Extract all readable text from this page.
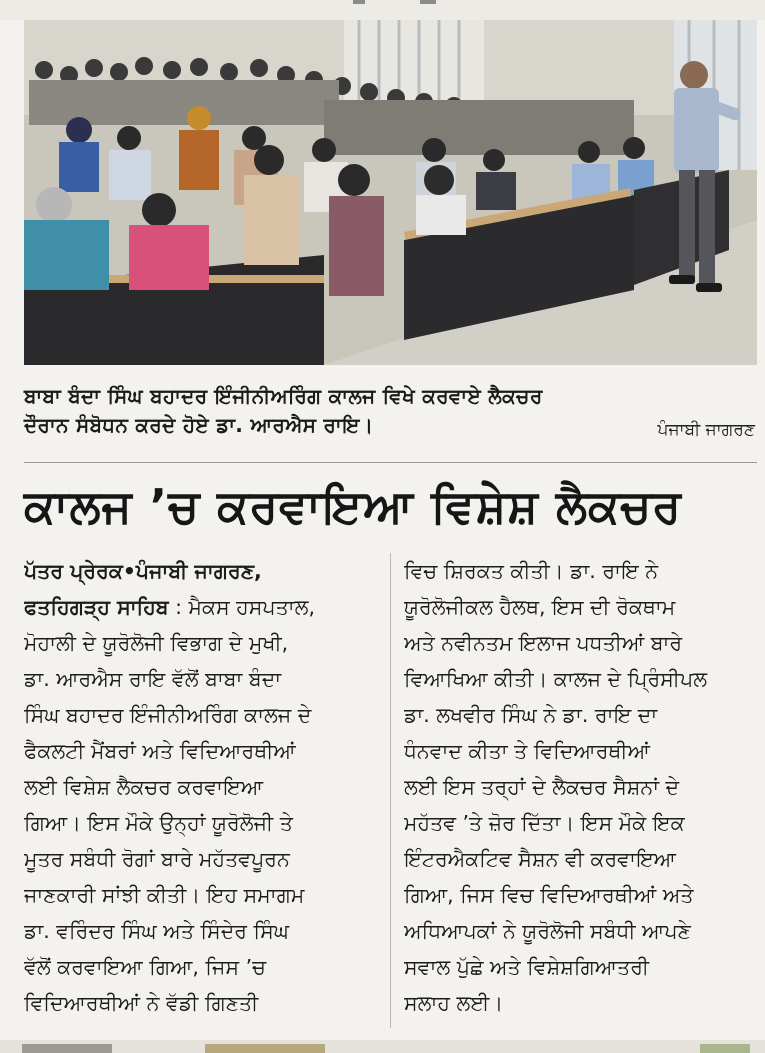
ਬਾਬਾ ਬੰਦਾ ਸਿੰਘ ਬਹਾਦਰ ਇੰਜੀਨੀਅਰਿੰਗ ਕਾਲਜ ਵਿਖੇ ਕਰਵਾਏ ਲੈਕਚਰ
ਦੌਰਾਨ ਸੰਬੋਧਨ ਕਰਦੇ ਹੋਏ ਡਾ. ਆਰਐਸ ਰਾਇ।	ਪੰਜਾਬੀ ਜਾਗਰਣ
ਕਾਲਜ ’ਚ ਕਰਵਾਇਆ ਵਿਸ਼ੇਸ਼ ਲੈਕਚਰ
ਪੱਤਰ ਪ੍ਰੇਰਕ•ਪੰਜਾਬੀ ਜਾਗਰਣ,
ਫਤਹਿਗੜ੍ਹ ਸਾਹਿਬ : ਮੈਕਸ ਹਸਪਤਾਲ,
ਮੋਹਾਲੀ ਦੇ ਯੂਰੋਲੋਜੀ ਵਿਭਾਗ ਦੇ ਮੁਖੀ,
ਡਾ. ਆਰਐਸ ਰਾਇ ਵੱਲੋਂ ਬਾਬਾ ਬੰਦਾ
ਸਿੰਘ ਬਹਾਦਰ ਇੰਜੀਨੀਅਰਿੰਗ ਕਾਲਜ ਦੇ
ਫੈਕਲਟੀ ਮੈਂਬਰਾਂ ਅਤੇ ਵਿਦਿਆਰਥੀਆਂ
ਲਈ ਵਿਸ਼ੇਸ਼ ਲੈਕਚਰ ਕਰਵਾਇਆ
ਗਿਆ। ਇਸ ਮੌਕੇ ਉਨ੍ਹਾਂ ਯੂਰੋਲੋਜੀ ਤੇ
ਮੂਤਰ ਸਬੰਧੀ ਰੋਗਾਂ ਬਾਰੇ ਮਹੱਤਵਪੂਰਨ
ਜਾਣਕਾਰੀ ਸਾਂਝੀ ਕੀਤੀ। ਇਹ ਸਮਾਗਮ
ਡਾ. ਵਰਿੰਦਰ ਸਿੰਘ ਅਤੇ ਸਿੰਦੇਰ ਸਿੰਘ
ਵੱਲੋਂ ਕਰਵਾਇਆ ਗਿਆ, ਜਿਸ ’ਚ
ਵਿਦਿਆਰਥੀਆਂ ਨੇ ਵੱਡੀ ਗਿਣਤੀ
ਵਿਚ ਸ਼ਿਰਕਤ ਕੀਤੀ। ਡਾ. ਰਾਇ ਨੇ
ਯੂਰੋਲੋਜੀਕਲ ਹੈਲਥ, ਇਸ ਦੀ ਰੋਕਥਾਮ
ਅਤੇ ਨਵੀਨਤਮ ਇਲਾਜ ਪਧਤੀਆਂ ਬਾਰੇ
ਵਿਆਖਿਆ ਕੀਤੀ। ਕਾਲਜ ਦੇ ਪ੍ਰਿੰਸੀਪਲ
ਡਾ. ਲਖਵੀਰ ਸਿੰਘ ਨੇ ਡਾ. ਰਾਇ ਦਾ
ਧੰਨਵਾਦ ਕੀਤਾ ਤੇ ਵਿਦਿਆਰਥੀਆਂ
ਲਈ ਇਸ ਤਰ੍ਹਾਂ ਦੇ ਲੈਕਚਰ ਸੈਸ਼ਨਾਂ ਦੇ
ਮਹੱਤਵ ’ਤੇ ਜ਼ੋਰ ਦਿੱਤਾ। ਇਸ ਮੌਕੇ ਇਕ
ਇੰਟਰਐਕਟਿਵ ਸੈਸ਼ਨ ਵੀ ਕਰਵਾਇਆ
ਗਿਆ, ਜਿਸ ਵਿਚ ਵਿਦਿਆਰਥੀਆਂ ਅਤੇ
ਅਧਿਆਪਕਾਂ ਨੇ ਯੂਰੋਲੋਜੀ ਸਬੰਧੀ ਆਪਣੇ
ਸਵਾਲ ਪੁੱਛੇ ਅਤੇ ਵਿਸ਼ੇਸ਼ਗਿਆਤਰੀ
ਸਲਾਹ ਲਈ।
